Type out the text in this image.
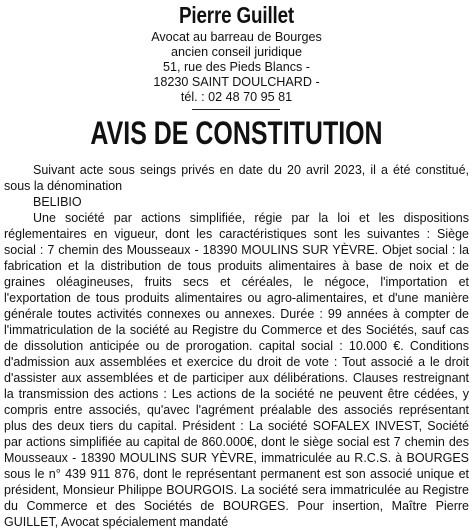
Pierre Guillet
Avocat au barreau de Bourges
ancien conseil juridique
51, rue des Pieds Blancs -
18230 SAINT DOULCHARD -
tél. : 02 48 70 95 81
AVIS DE CONSTITUTION

Suivant acte sous seings privés en date du 20 avril 2023, il a été constitué, sous la dénomination

BELIBIO

Une société par actions simplifiée, régie par la loi et les dispositions réglementaires en vigueur, dont les caractéristiques sont les suivantes : Siège social : 7 chemin des Mousseaux - 18390 MOULINS SUR YÈVRE. Objet social : la fabrication et la distribution de tous produits alimentaires à base de noix et de graines oléagineuses, fruits secs et céréales, le négoce, l'importation et l'exportation de tous produits alimentaires ou agro-alimentaires, et d'une manière générale toutes activités connexes ou annexes. Durée : 99 années à compter de l'immatriculation de la société au Registre du Commerce et des Sociétés, sauf cas de dissolution anticipée ou de prorogation. capital social : 10.000 €. Conditions d'admission aux assemblées et exercice du droit de vote : Tout associé a le droit d'assister aux assemblées et de participer aux délibérations. Clauses restreignant la transmission des actions : Les actions de la société ne peuvent être cédées, y compris entre associés, qu'avec l'agrément préalable des associés représentant plus des deux tiers du capital. Président : La société SOFALEX INVEST, Société par actions simplifiée au capital de 860.000€, dont le siège social est 7 chemin des Mousseaux - 18390 MOULINS SUR YÈVRE, immatriculée au R.C.S. à BOURGES sous le n° 439 911 876, dont le représentant permanent est son associé unique et président, Monsieur Philippe BOURGOIS. La société sera immatriculée au Registre du Commerce et des Sociétés de BOURGES. Pour insertion, Maître Pierre GUILLET, Avocat spécialement mandaté
